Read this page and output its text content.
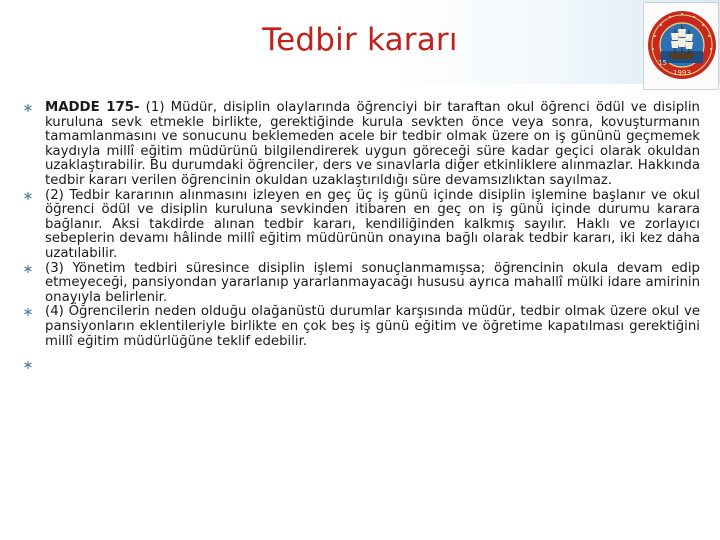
Tedbir kararı
15
1993
∗ MADDE 175- (1) Müdür, disiplin olaylarında öğrenciyi bir taraftan okul öğrenci ödül ve disiplin kuruluna sevk etmekle birlikte, gerektiğinde kurula sevkten önce veya sonra, kovuşturmanın tamamlanmasını ve sonucunu beklemeden acele bir tedbir olmak üzere on iş gününü geçmemek kaydıyla millî eğitim müdürünü bilgilendirerek uygun göreceği süre kadar geçici olarak okuldan uzaklaştırabilir. Bu durumdaki öğrenciler, ders ve sınavlarla diğer etkinliklere alınmazlar. Hakkında tedbir kararı verilen öğrencinin okuldan uzaklaştırıldığı süre devamsızlıktan sayılmaz.
∗ (2) Tedbir kararının alınmasını izleyen en geç üç iş günü içinde disiplin işlemine başlanır ve okul öğrenci ödül ve disiplin kuruluna sevkinden itibaren en geç on iş günü içinde durumu karara bağlanır. Aksi takdirde alınan tedbir kararı, kendiliğinden kalkmış sayılır. Haklı ve zorlayıcı sebeplerin devamı hâlinde millî eğitim müdürünün onayına bağlı olarak tedbir kararı, iki kez daha uzatılabilir.
∗ (3) Yönetim tedbiri süresince disiplin işlemi sonuçlanmamışsa; öğrencinin okula devam edip etmeyeceği, pansiyondan yararlanıp yararlanmayacağı hususu ayrıca mahallî mülki idare amirinin onayıyla belirlenir.
∗ (4) Öğrencilerin neden olduğu olağanüstü durumlar karşısında müdür, tedbir olmak üzere okul ve pansiyonların eklentileriyle birlikte en çok beş iş günü eğitim ve öğretime kapatılması gerektiğini millî eğitim müdürlüğüne teklif edebilir.
∗
